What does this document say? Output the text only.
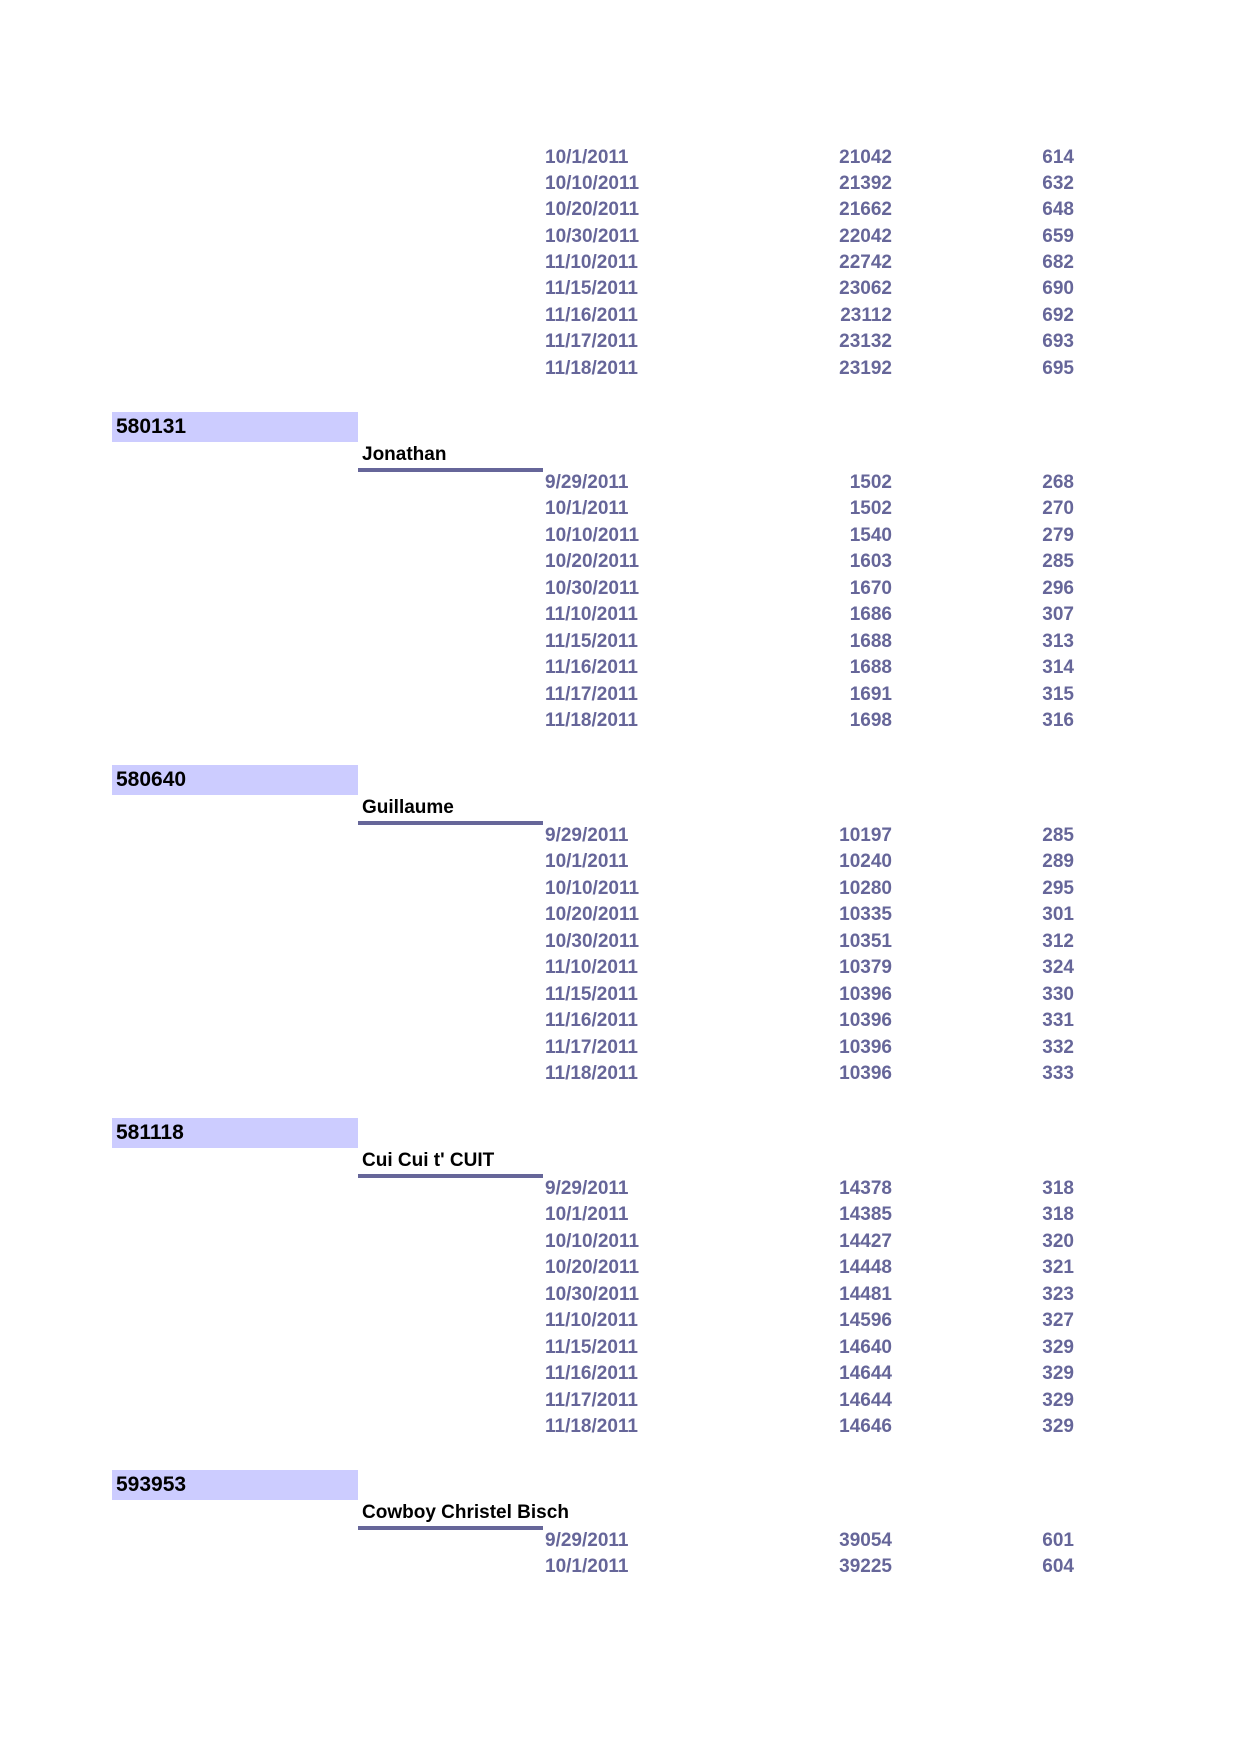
10/1/2011	21042	614
10/10/2011	21392	632
10/20/2011	21662	648
10/30/2011	22042	659
11/10/2011	22742	682
11/15/2011	23062	690
11/16/2011	23112	692
11/17/2011	23132	693
11/18/2011	23192	695
580131
Jonathan
9/29/2011	1502	268
10/1/2011	1502	270
10/10/2011	1540	279
10/20/2011	1603	285
10/30/2011	1670	296
11/10/2011	1686	307
11/15/2011	1688	313
11/16/2011	1688	314
11/17/2011	1691	315
11/18/2011	1698	316
580640
Guillaume
9/29/2011	10197	285
10/1/2011	10240	289
10/10/2011	10280	295
10/20/2011	10335	301
10/30/2011	10351	312
11/10/2011	10379	324
11/15/2011	10396	330
11/16/2011	10396	331
11/17/2011	10396	332
11/18/2011	10396	333
581118
Cui Cui t' CUIT
9/29/2011	14378	318
10/1/2011	14385	318
10/10/2011	14427	320
10/20/2011	14448	321
10/30/2011	14481	323
11/10/2011	14596	327
11/15/2011	14640	329
11/16/2011	14644	329
11/17/2011	14644	329
11/18/2011	14646	329
593953
Cowboy Christel Bisch
9/29/2011	39054	601
10/1/2011	39225	604
